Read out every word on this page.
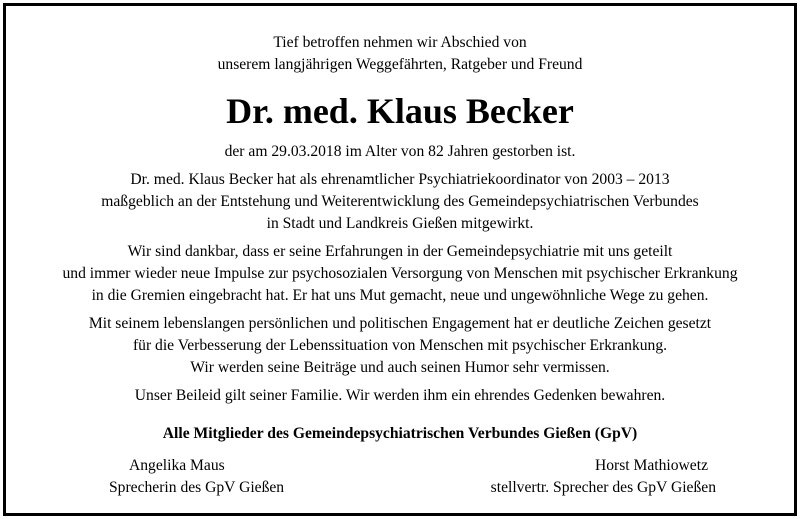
Tief betroffen nehmen wir Abschied von
unserem langjährigen Weggefährten, Ratgeber und Freund
Dr. med. Klaus Becker
der am 29.03.2018 im Alter von 82 Jahren gestorben ist.
Dr. med. Klaus Becker hat als ehrenamtlicher Psychiatriekoordinator von 2003 – 2013
maßgeblich an der Entstehung und Weiterentwicklung des Gemeindepsychiatrischen Verbundes
in Stadt und Landkreis Gießen mitgewirkt.
Wir sind dankbar, dass er seine Erfahrungen in der Gemeindepsychiatrie mit uns geteilt
und immer wieder neue Impulse zur psychosozialen Versorgung von Menschen mit psychischer Erkrankung
in die Gremien eingebracht hat. Er hat uns Mut gemacht, neue und ungewöhnliche Wege zu gehen.
Mit seinem lebenslangen persönlichen und politischen Engagement hat er deutliche Zeichen gesetzt
für die Verbesserung der Lebenssituation von Menschen mit psychischer Erkrankung.
Wir werden seine Beiträge und auch seinen Humor sehr vermissen.
Unser Beileid gilt seiner Familie. Wir werden ihm ein ehrendes Gedenken bewahren.
Alle Mitglieder des Gemeindepsychiatrischen Verbundes Gießen (GpV)
Angelika Maus
Sprecherin des GpV Gießen
Horst Mathiowetz
stellvertr. Sprecher des GpV Gießen
